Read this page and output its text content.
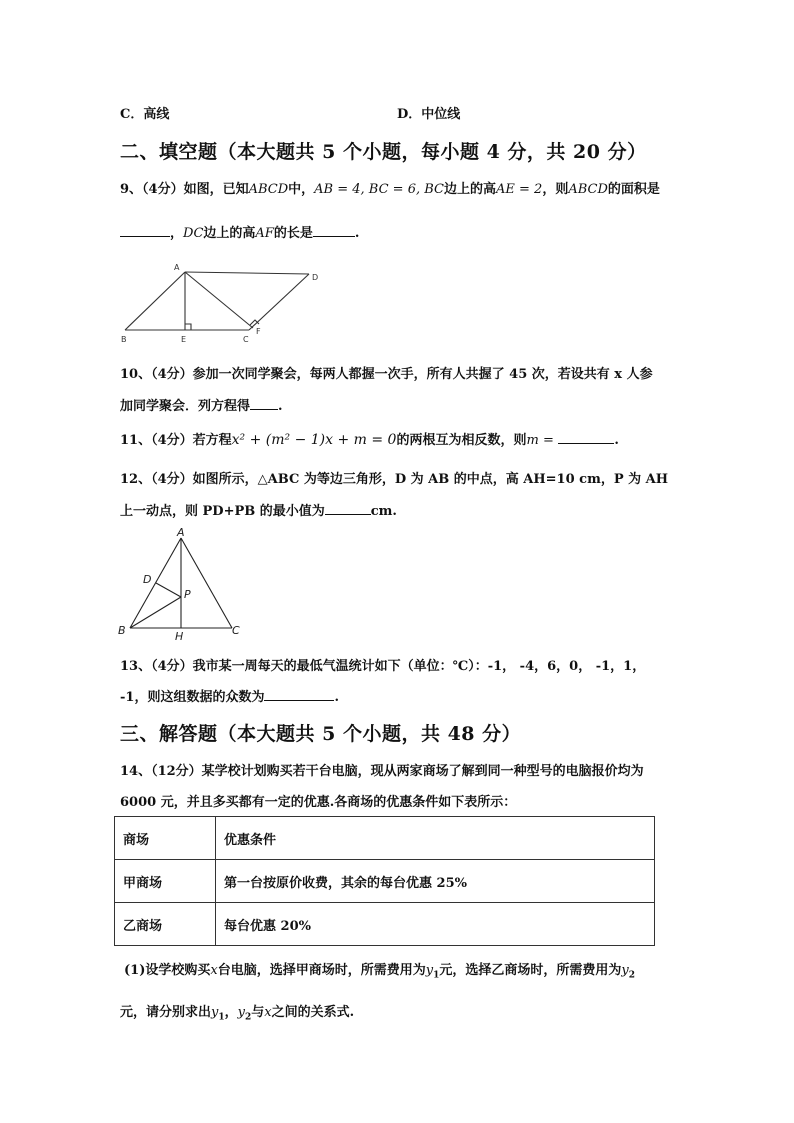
C．高线	D．中位线
二、填空题（本大题共 5 个小题，每小题 4 分，共 20 分）
9、（4分）如图，已知ABCD中，AB = 4, BC = 6, BC边上的高AE = 2，则ABCD的面积是
，DC边上的高AF的长是	.
A
D
B	E	C
F
10、（4分）参加一次同学聚会，每两人都握一次手，所有人共握了 45 次，若设共有 x 人参
加同学聚会．列方程得 .
11、（4分）若方程x² + (m² − 1)x + m = 0的两根互为相反数，则m =	.
12、（4分）如图所示，△ABC 为等边三角形，D 为 AB 的中点，高 AH=10 cm，P 为 AH
上一动点，则 PD+PB 的最小值为	cm.
A
D
P
B	H	C
13、（4分）我市某一周每天的最低气温统计如下（单位：℃）：-1， -4，6，0， -1，1，
-1，则这组数据的众数为	.
三、解答题（本大题共 5 个小题，共 48 分）
14、（12分）某学校计划购买若干台电脑，现从两家商场了解到同一种型号的电脑报价均为
6000 元，并且多买都有一定的优惠.各商场的优惠条件如下表所示：
商场	优惠条件
甲商场	第一台按原价收费，其余的每台优惠 25%
乙商场	每台优惠 20%
(1)设学校购买x台电脑，选择甲商场时，所需费用为$y_1$元，选择乙商场时，所需费用为$y_2$
元，请分别求出$y_1$，$y_2$与x之间的关系式.
